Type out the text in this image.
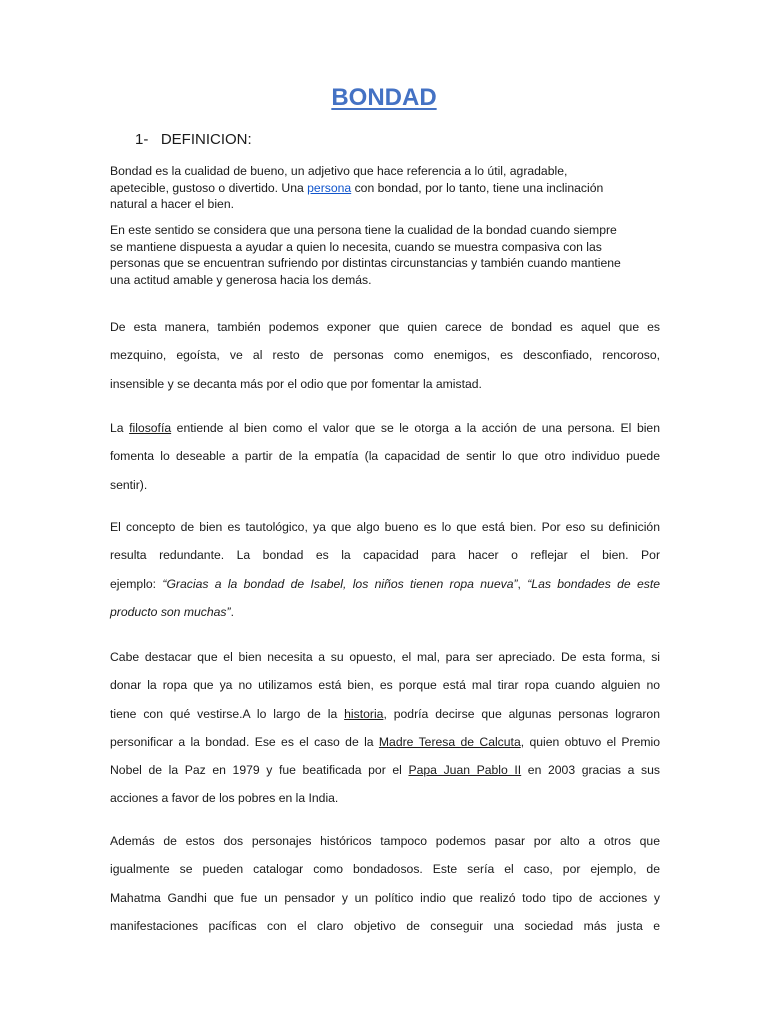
BONDAD
1-   DEFINICION:
Bondad es la cualidad de bueno, un adjetivo que hace referencia a lo útil, agradable,
apetecible, gustoso o divertido. Una persona con bondad, por lo tanto, tiene una inclinación
natural a hacer el bien.
En este sentido se considera que una persona tiene la cualidad de la bondad cuando siempre
se mantiene dispuesta a ayudar a quien lo necesita, cuando se muestra compasiva con las
personas que se encuentran sufriendo por distintas circunstancias y también cuando mantiene
una actitud amable y generosa hacia los demás.
De esta manera, también podemos exponer que quien carece de bondad es aquel que es
mezquino, egoísta, ve al resto de personas como enemigos, es desconfiado, rencoroso,
insensible y se decanta más por el odio que por fomentar la amistad.
La filosofía entiende al bien como el valor que se le otorga a la acción de una persona. El bien
fomenta lo deseable a partir de la empatía (la capacidad de sentir lo que otro individuo puede
sentir).
El concepto de bien es tautológico, ya que algo bueno es lo que está bien. Por eso su definición
resulta redundante. La bondad es la capacidad para hacer o reflejar el bien. Por
ejemplo: “Gracias a la bondad de Isabel, los niños tienen ropa nueva”, “Las bondades de este
producto son muchas”.
Cabe destacar que el bien necesita a su opuesto, el mal, para ser apreciado. De esta forma, si
donar la ropa que ya no utilizamos está bien, es porque está mal tirar ropa cuando alguien no
tiene con qué vestirse.A lo largo de la historia, podría decirse que algunas personas lograron
personificar a la bondad. Ese es el caso de la Madre Teresa de Calcuta, quien obtuvo el Premio
Nobel de la Paz en 1979 y fue beatificada por el Papa Juan Pablo II en 2003 gracias a sus
acciones a favor de los pobres en la India.
Además de estos dos personajes históricos tampoco podemos pasar por alto a otros que
igualmente se pueden catalogar como bondadosos. Este sería el caso, por ejemplo, de
Mahatma Gandhi que fue un pensador y un político indio que realizó todo tipo de acciones y
manifestaciones pacíficas con el claro objetivo de conseguir una sociedad más justa e
